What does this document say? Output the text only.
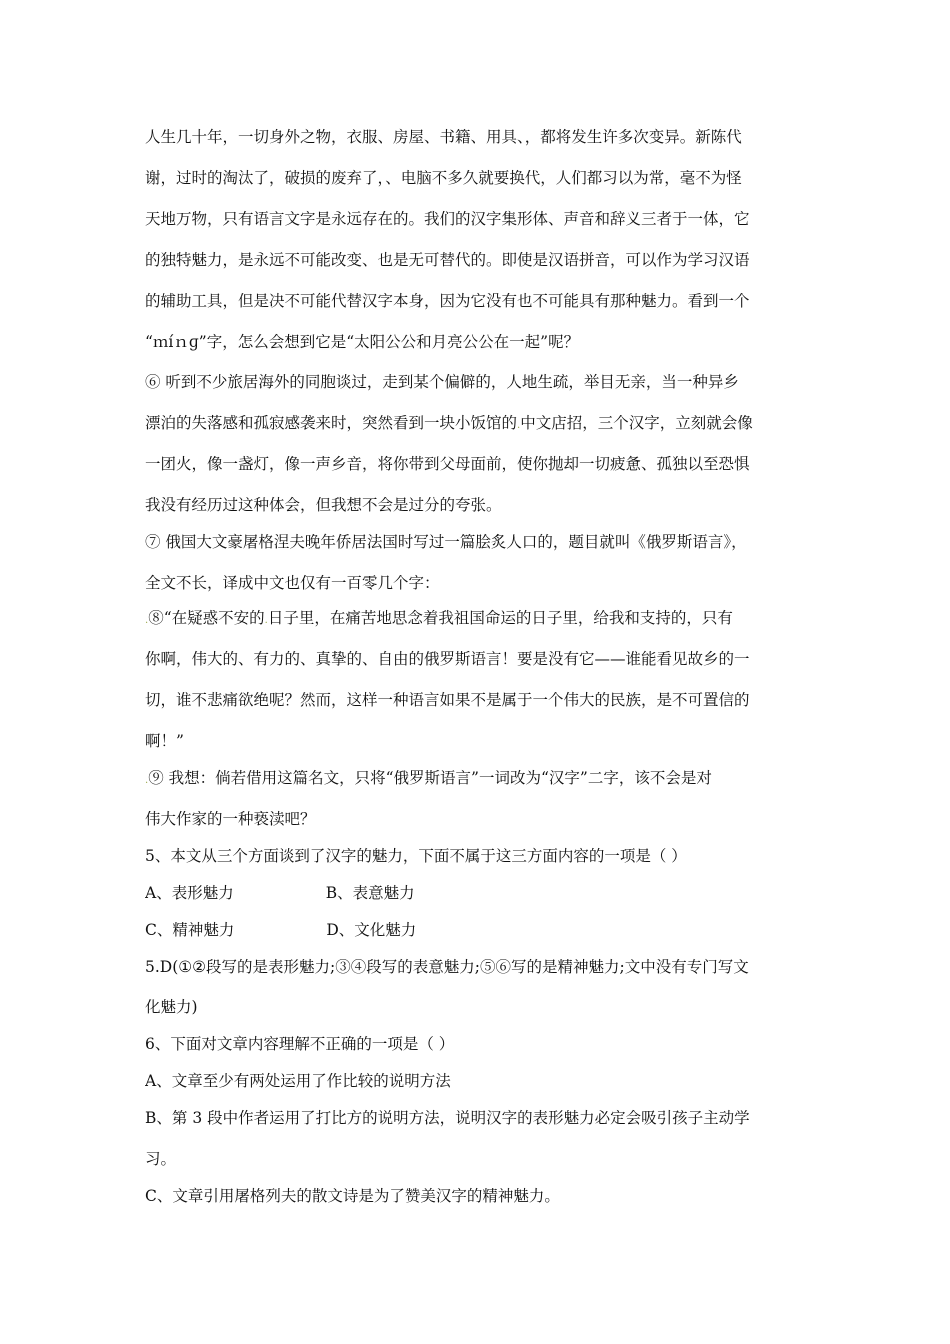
人生几十年，一切身外之物，衣服、房屋、书籍、用具、，都将发生许多次变异。新陈代
谢，过时的淘汰了，破损的废弃了，、电脑不多久就要换代，人们都习以为常，毫不为怪
天地万物，只有语言文字是永远存在的。我们的汉字集形体、声音和辞义三者于一体，它
的独特魅力，是永远不可能改变、也是无可替代的。即使是汉语拼音，可以作为学习汉语
的辅助工具，但是决不可能代替汉字本身，因为它没有也不可能具有那种魅力。看到一个
“ｍíｎɡ”字，怎么会想到它是“太阳公公和月亮公公在一起”呢？
⑥ 听到不少旅居海外的同胞谈过，走到某个偏僻的，人地生疏，举目无亲，当一种异乡
漂泊的失落感和孤寂感袭来时，突然看到一块小饭馆的.中文店招，三个汉字，立刻就会像
一团火，像一盏灯，像一声乡音，将你带到父母面前，使你抛却一切疲惫、孤独以至恐惧
我没有经历过这种体会，但我想不会是过分的夸张。
⑦ 俄国大文豪屠格涅夫晚年侨居法国时写过一篇脍炙人口的，题目就叫《俄罗斯语言》，
全文不长，译成中文也仅有一百零几个字：
.⑧“在疑惑不安的.日子里，在痛苦地思念着我祖国命运的日子里，给我和支持的，只有
你啊，伟大的、有力的、真挚的、自由的俄罗斯语言！要是没有它——谁能看见故乡的一
切，谁不悲痛欲绝呢？然而，这样一种语言如果不是属于一个伟大的民族，是不可置信的
啊！”
.⑨ 我想：倘若借用这篇名文，只将“俄罗斯语言”一词改为“汉字”二字，该不会是对
伟大作家的一种亵渎吧？
5、本文从三个方面谈到了汉字的魅力，下面不属于这三方面内容的一项是（ ）
A、表形魅力	B、表意魅力
C、精神魅力	D、文化魅力
5.D(①②段写的是表形魅力;③④段写的表意魅力;⑤⑥写的是精神魅力;文中没有专门写文
化魅力)
6、下面对文章内容理解不正确的一项是（ ）
A、文章至少有两处运用了作比较的说明方法
B、第 3 段中作者运用了打比方的说明方法，说明汉字的表形魅力必定会吸引孩子主动学
习。
C、文章引用屠格列夫的散文诗是为了赞美汉字的精神魅力。
